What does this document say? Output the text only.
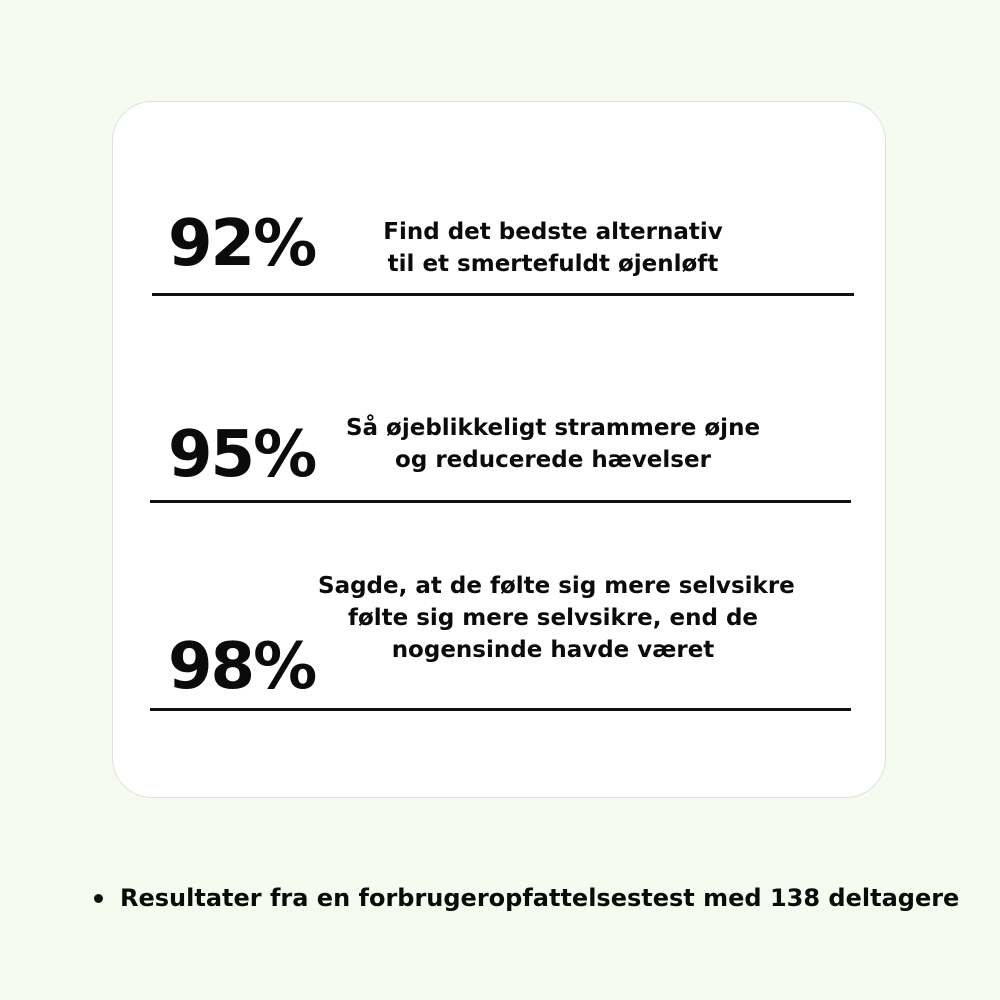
92%	Find det bedste alternativ
til et smertefuldt øjenløft
95%	Så øjeblikkeligt strammere øjne
og reducerede hævelser
98%
Sagde, at de følte sig mere selvsikre
følte sig mere selvsikre, end de
nogensinde havde været
Resultater fra en forbrugeropfattelsestest med 138 deltagere
